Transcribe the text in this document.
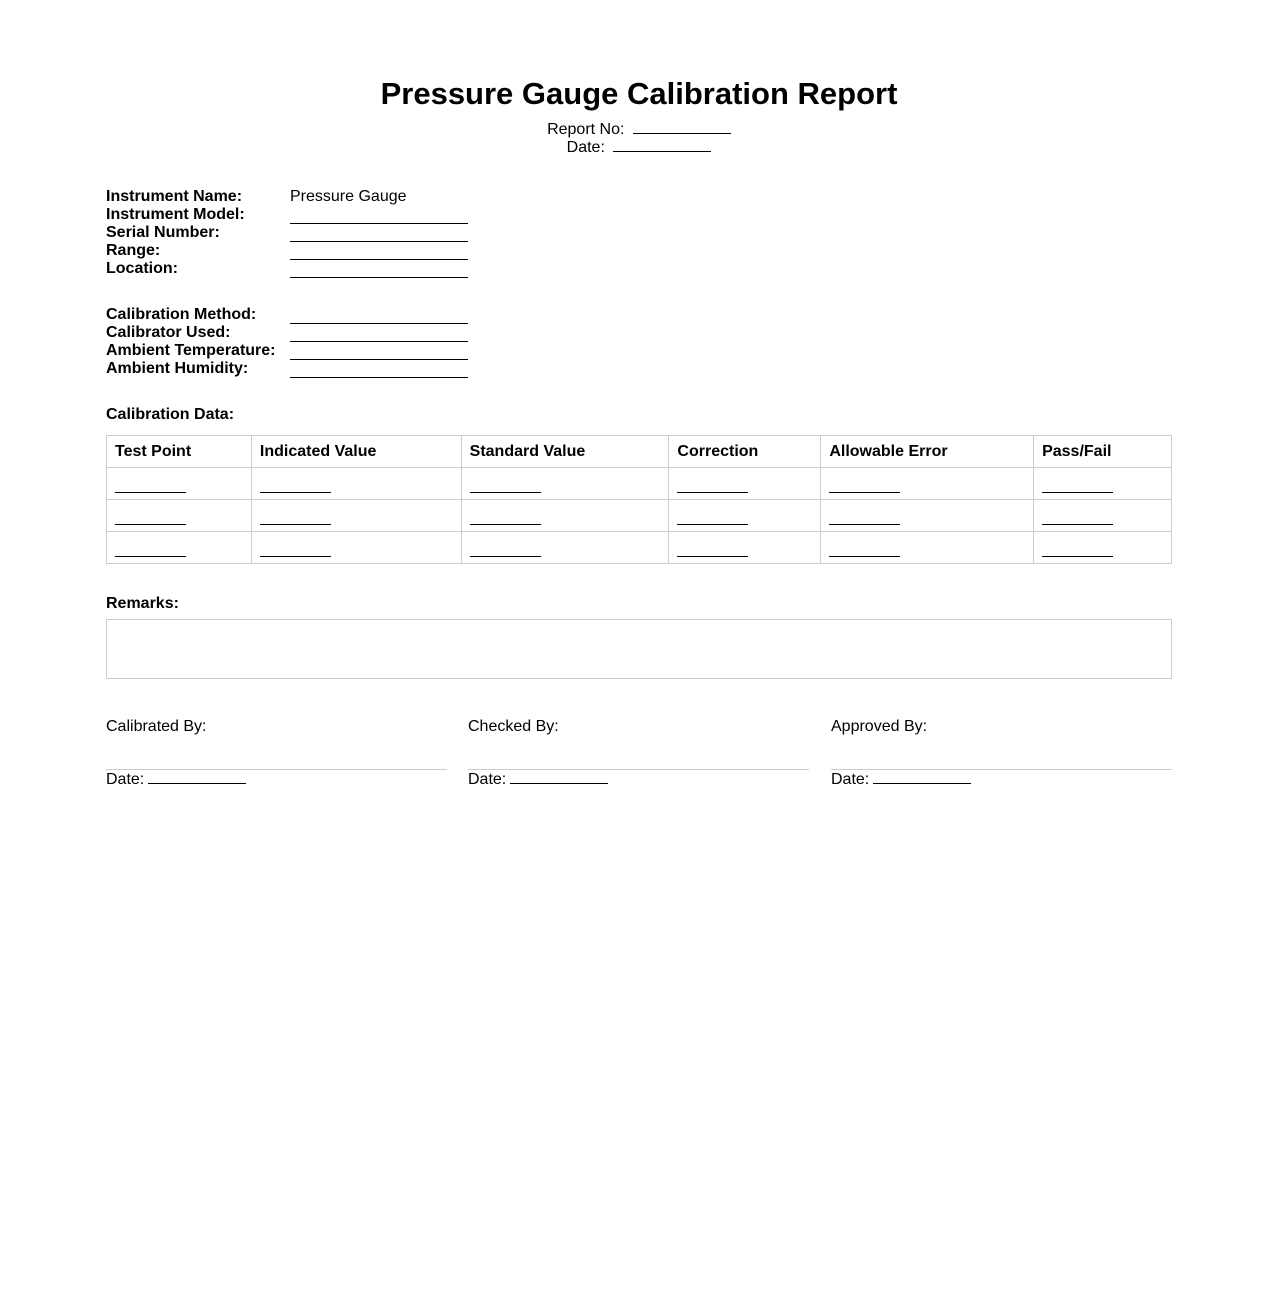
Pressure Gauge Calibration Report
Report No:
Date:
Instrument Name:	Pressure Gauge
Instrument Model:
Serial Number:
Range:
Location:
Calibration Method:
Calibrator Used:
Ambient Temperature:
Ambient Humidity:
Calibration Data:
Test Point	Indicated Value	Standard Value	Correction	Allowable Error	Pass/Fail

Remarks:
Calibrated By:
Date:
Checked By:
Date:
Approved By:
Date:
